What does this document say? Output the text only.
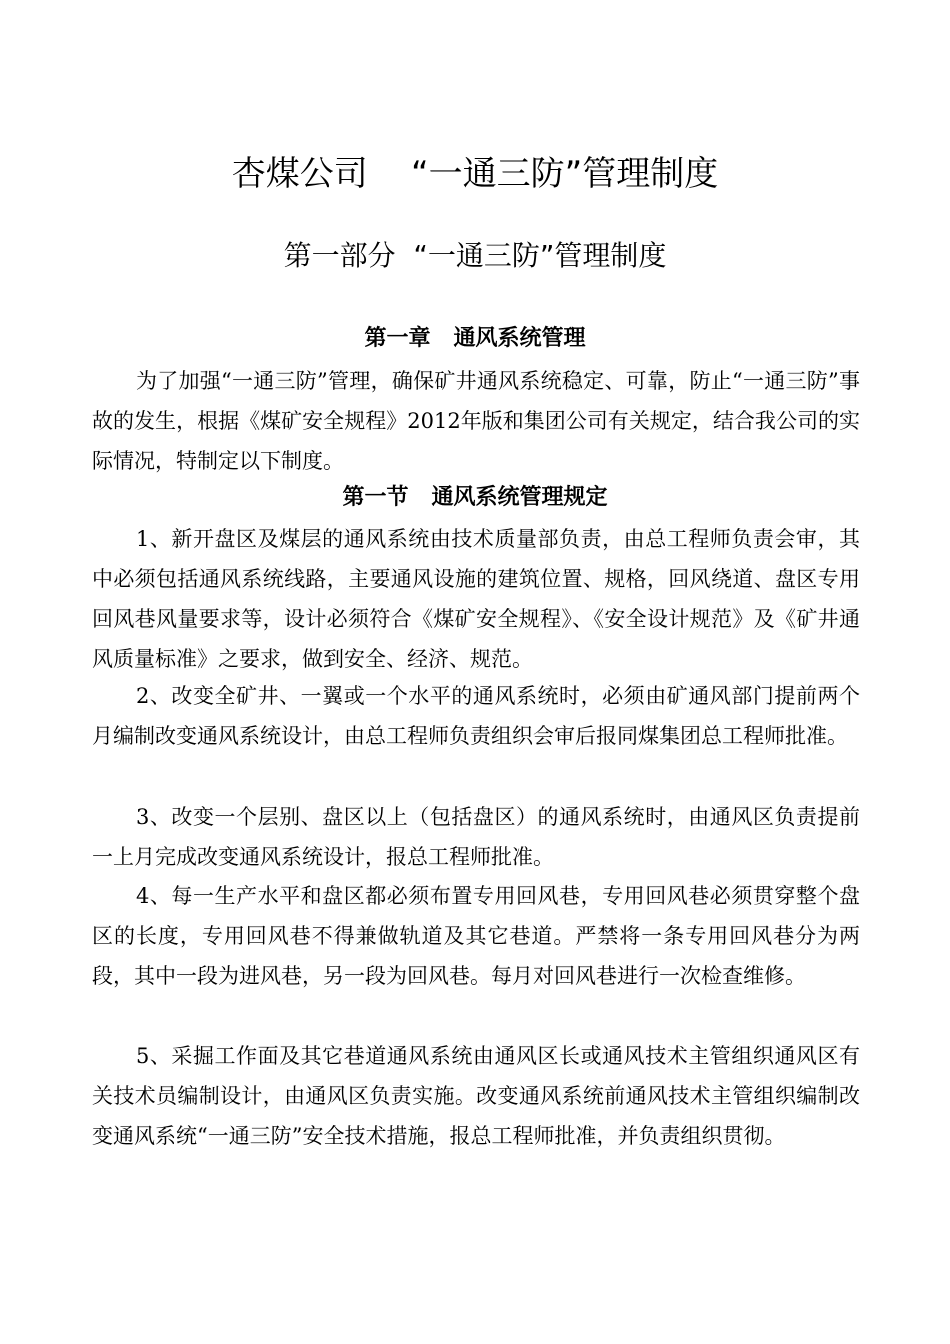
杏煤公司    “一通三防”管理制度
第一部分  “一通三防”管理制度
第一章   通风系统管理

为了加强“一通三防”管理，确保矿井通风系统稳定、可靠，防止“一通三防”事故的发生，根据《煤矿安全规程》2012年版和集团公司有关规定，结合我公司的实际情况，特制定以下制度。

第一节   通风系统管理规定

1、新开盘区及煤层的通风系统由技术质量部负责，由总工程师负责会审，其中必须包括通风系统线路，主要通风设施的建筑位置、规格，回风绕道、盘区专用回风巷风量要求等，设计必须符合《煤矿安全规程》、《安全设计规范》及《矿井通风质量标准》之要求，做到安全、经济、规范。

2、改变全矿井、一翼或一个水平的通风系统时，必须由矿通风部门提前两个月编制改变通风系统设计，由总工程师负责组织会审后报同煤集团总工程师批准。

3、改变一个层别、盘区以上（包括盘区）的通风系统时，由通风区负责提前一上月完成改变通风系统设计，报总工程师批准。

4、每一生产水平和盘区都必须布置专用回风巷，专用回风巷必须贯穿整个盘区的长度，专用回风巷不得兼做轨道及其它巷道。严禁将一条专用回风巷分为两段，其中一段为进风巷，另一段为回风巷。每月对回风巷进行一次检查维修。

5、采掘工作面及其它巷道通风系统由通风区长或通风技术主管组织通风区有关技术员编制设计，由通风区负责实施。改变通风系统前通风技术主管组织编制改变通风系统“一通三防”安全技术措施，报总工程师批准，并负责组织贯彻。
